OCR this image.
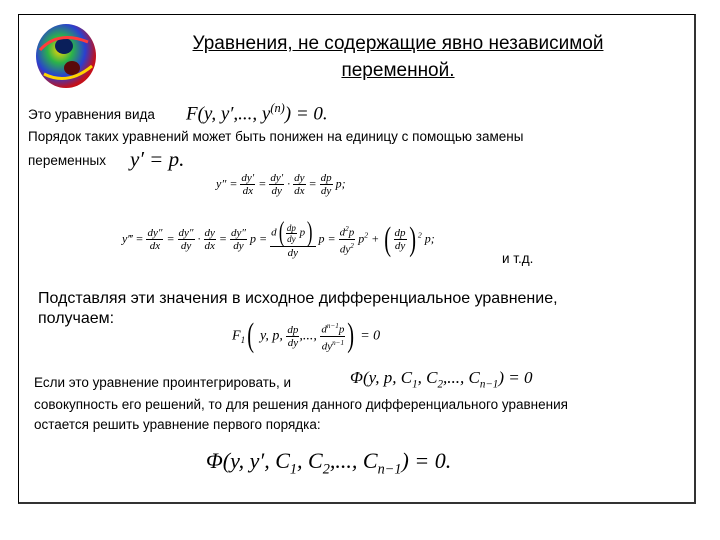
Уравнения, не содержащие явно независимой
переменной.
Это уравнения вида F(y, y′,..., $y^{(n)}) = 0$.
Порядок таких уравнений может быть понижен на единицу с помощью замены
переменных y′ = p.
$y'' = \frac{dy'}{dx} = \frac{dy'}{dy} \cdot \frac{dy}{dx} = \frac{dp}{dy} p$;
y‴ = $\frac{dy''}{dx} = \frac{dy''}{dy} \cdot \frac{dy}{dx} = \frac{dy''}{dy}$ $p = \frac{d( \frac{dp}{dy} p)}{dy}$ $p = \frac{d^2p}{dy^2} p^2$ + ( $\frac{dp}{dy}$ ) $^2$ p;
и т.д.
Подставляя эти значения в исходное дифференциальное уравнение,
получаем:
$F_1$( y, p, $\frac{dp}{dy}$ ,..., $\frac{d^{n-1}p}{dy^{n-1}}$ ) = 0
Если это уравнение проинтегрировать, и	Φ(y, p, $C_1$, $C_2$,..., $C_{n-1}) = 0$
совокупность его решений, то для решения данного дифференциального уравнения
остается решить уравнение первого порядка:
Φ(y, y′, $C_1$, $C_2$,..., $C_{n-1}) = 0$.
